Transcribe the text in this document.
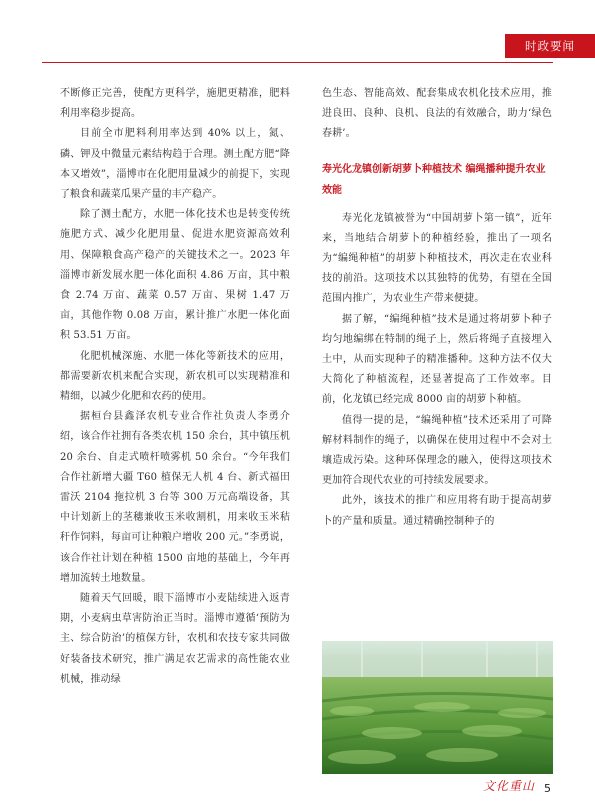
时政要闻

不断修正完善，使配方更科学，施肥更精准，肥料利用率稳步提高。

目前全市肥料利用率达到 40% 以上，氮、磷、钾及中微量元素结构趋于合理。测土配方肥“降本又增效”，淄博市在化肥用量减少的前提下，实现了粮食和蔬菜瓜果产量的丰产稳产。

除了测土配方，水肥一体化技术也是转变传统施肥方式、减少化肥用量、促进水肥资源高效利用、保障粮食高产稳产的关键技术之一。2023 年淄博市新发展水肥一体化面积 4.86 万亩，其中粮食 2.74 万亩、蔬菜 0.57 万亩、果树 1.47 万亩，其他作物 0.08 万亩，累计推广水肥一体化面积 53.51 万亩。

化肥机械深施、水肥一体化等新技术的应用，都需要新农机来配合实现，新农机可以实现精准和精细，以减少化肥和农药的使用。

据桓台县鑫泽农机专业合作社负责人李勇介绍，该合作社拥有各类农机 150 余台，其中镇压机 20 余台、自走式喷杆喷雾机 50 余台。“今年我们合作社新增大疆 T60 植保无人机 4 台、新式福田雷沃 2104 拖拉机 3 台等 300 万元高端设备，其中计划新上的茎穗兼收玉米收割机，用来收玉米秸秆作饲料，每亩可让种粮户增收 200 元。”李勇说，该合作社计划在种植 1500 亩地的基础上，今年再增加流转土地数量。

随着天气回暖，眼下淄博市小麦陆续进入返青期，小麦病虫草害防治正当时。淄博市遵循‘预防为主、综合防治’的植保方针，农机和农技专家共同做好装备技术研究，推广满足农艺需求的高性能农业机械，推动绿

色生态、智能高效、配套集成农机化技术应用，推进良田、良种、良机、良法的有效融合，助力‘绿色春耕’。

寿光化龙镇创新胡萝卜种植技术 编绳播种提升农业效能

寿光化龙镇被誉为“中国胡萝卜第一镇”，近年来，当地结合胡萝卜的种植经验，推出了一项名为“编绳种植”的胡萝卜种植技术，再次走在农业科技的前沿。这项技术以其独特的优势，有望在全国范围内推广，为农业生产带来便捷。

据了解，“编绳种植”技术是通过将胡萝卜种子均匀地编绑在特制的绳子上，然后将绳子直接埋入土中，从而实现种子的精准播种。这种方法不仅大大简化了种植流程，还显著提高了工作效率。目前，化龙镇已经完成 8000 亩的胡萝卜种植。

值得一提的是，“编绳种植”技术还采用了可降解材料制作的绳子，以确保在使用过程中不会对土壤造成污染。这种环保理念的融入，使得这项技术更加符合现代农业的可持续发展要求。

此外，该技术的推广和应用将有助于提高胡萝卜的产量和质量。通过精确控制种子的

文化重山 5
